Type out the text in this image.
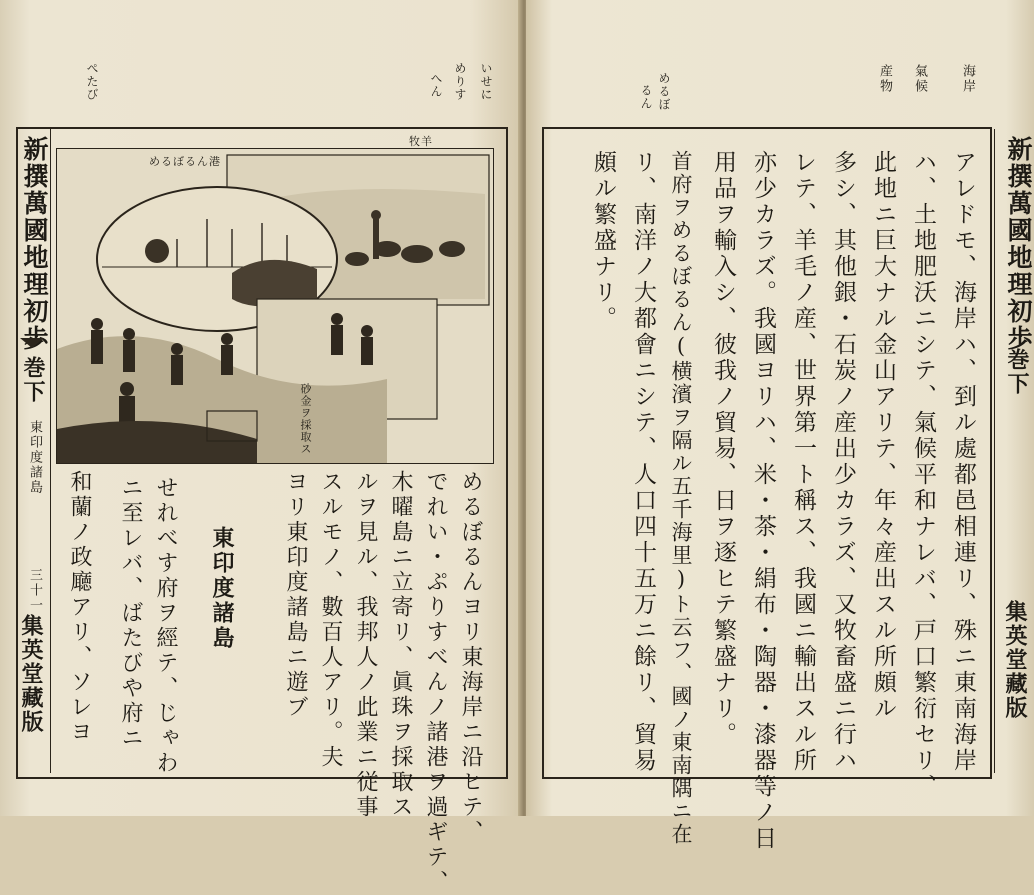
ぺたび	いせに
めりす
へん
新撰萬國地理初歩
巻下
東印度諸島
三十一
集英堂藏版
めるぼるん港
牧羊
砂金ヲ採取ス
めるぼるんヨリ東海岸ニ沿ヒテ、
でれい・ぷりすべんノ諸港ヲ過ギテ、
木曜島ニ立寄リ、眞珠ヲ採取ス
ルヲ見ル、我邦人ノ此業ニ従事
スルモノ、數百人アリ。夫
ヨリ東印度諸島ニ遊ブ
東印度諸島
せれべす府ヲ經テ、じゃわ
ニ至レバ、ばたびや府ニ
和蘭ノ政廰アリ、ソレヨ
めるぼ
るん
海岸
氣候
産物
アレドモ、海岸ハ、到ル處都邑相連リ、殊ニ東南海岸
ハ、土地肥沃ニシテ、氣候平和ナレバ、戸口繁衍セリ、
此地ニ巨大ナル金山アリテ、年々産出スル所頗ル
多シ、其他銀・石炭ノ産出少カラズ、又牧畜盛ニ行ハ
レテ、羊毛ノ産、世界第一ト稱ス、我國ニ輸出スル所
亦少カラズ。我國ヨリハ、米・茶・絹布・陶器・漆器等ノ日
用品ヲ輸入シ、彼我ノ貿易、日ヲ逐ヒテ繁盛ナリ。
首府ヲめるぼるん(横濱ヲ隔ル五千海里)ト云フ、國ノ東南隅ニ在
リ、南洋ノ大都會ニシテ、人口四十五万ニ餘リ、貿易
頗ル繁盛ナリ。	新撰萬國地理初歩
巻下
集英堂藏版
